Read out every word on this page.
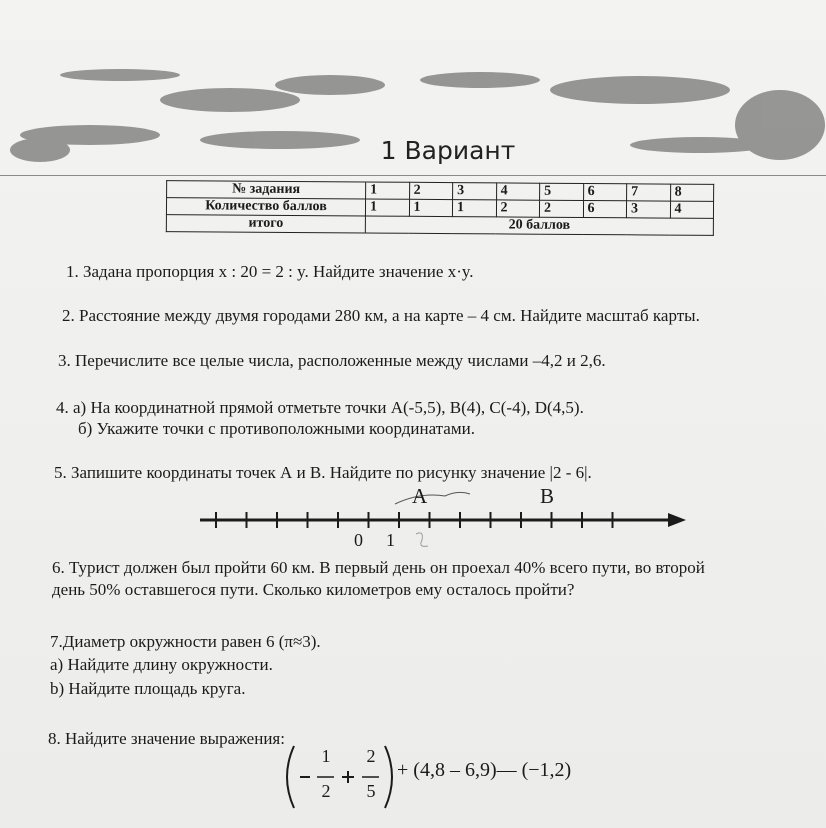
1 Вариант
№ задания	1	2	3	4	5	6	7	8
Количество баллов	1	1	1	2	2	6	3	4
итого	20 баллов							
1. Задана пропорция x : 20 = 2 : y. Найдите значение x·y.
2. Расстояние между двумя городами 280 км, а на карте – 4 см. Найдите масштаб карты.
3. Перечислите все целые числа, расположенные между числами –4,2 и 2,6.
4. а) На координатной прямой отметьте точки А(-5,5), В(4), С(-4), D(4,5).
б) Укажите точки с противоположными координатами.
5. Запишите координаты точек А и В. Найдите по рисунку значение |2 - 6|.
A	B
0 1
6. Турист должен был пройти 60 км. В первый день он проехал 40% всего пути, во второй
день 50% оставшегося пути. Сколько километров ему осталось пройти?
7.Диаметр окружности равен 6 (π≈3).
а) Найдите длину окружности.
b) Найдите площадь круга.
8. Найдите значение выражения:
1
2
2
5
+ (4,8 – 6,9)— (−1,2)
